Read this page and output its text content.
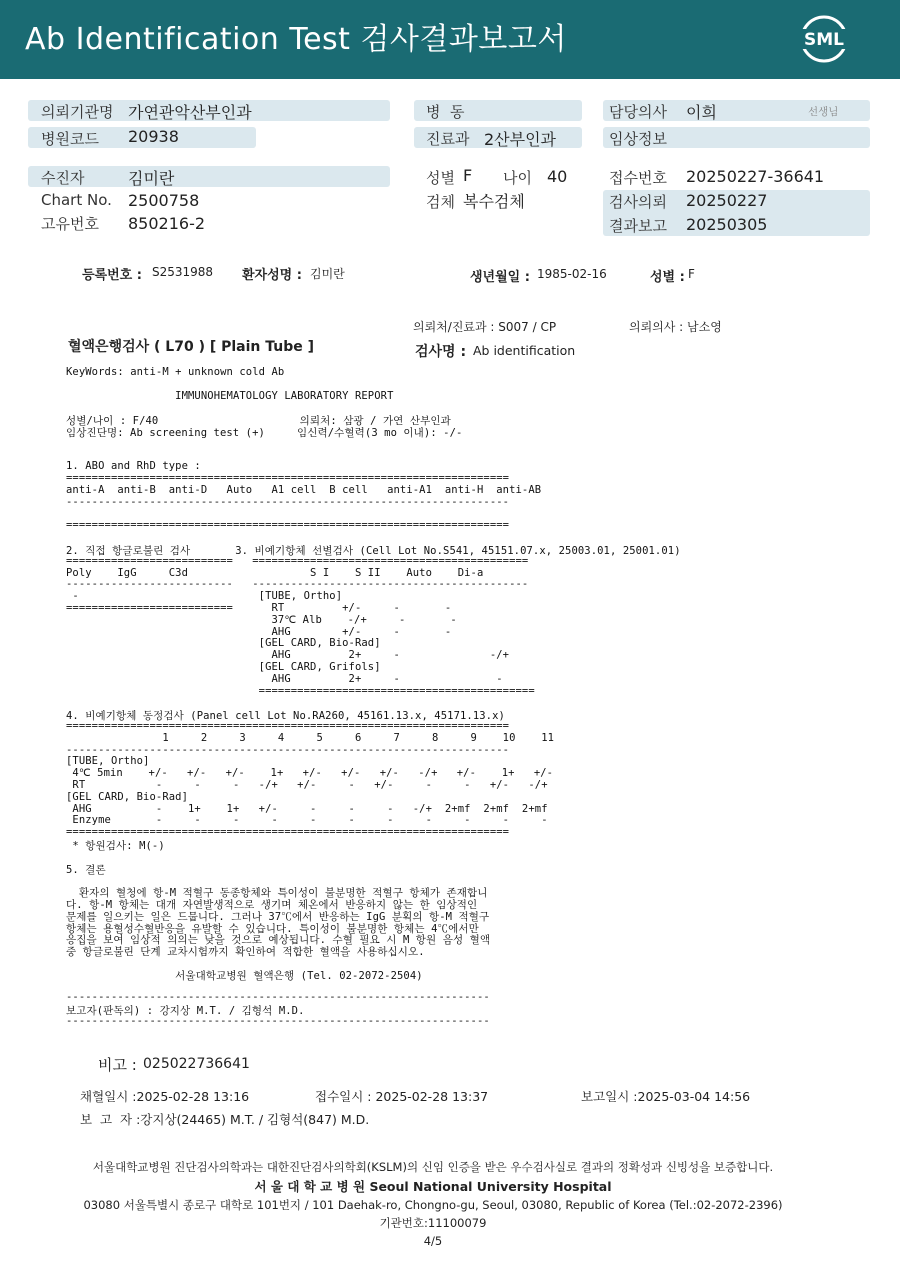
Ab Identification Test 검사결과보고서	SML
의뢰기관명 가연관악산부인과
병원코드 20938
병  동
진료과 2산부인과
담당의사 이희	선생님
임상정보
수진자	김미란
Chart No. 2500758
고유번호 850216-2
성별 F 나이 40
검체 복수검체
접수번호 20250227-36641
검사의뢰 20250227
결과보고 20250305
등록번호 : S2531988 환자성명 : 김미란	생년월일 : 1985-02-16	성별 : F
의뢰처/진료과 : S007 / CP	의뢰의사 : 남소영
혈액은행검사 ( L70 ) [ Plain Tube ]	검사명 : Ab identification
KeyWords: anti-M + unknown cold Ab
IMMUNOHEMATOLOGY LABORATORY REPORT
성별/나이 : F/40                      의뢰처: 삼광 / 가연 산부인과
임상진단명: Ab screening test (+)     임신력/수혈력(3 mo 이내): -/-
1. ABO and RhD type :
=====================================================================
anti-A  anti-B  anti-D   Auto   A1 cell  B cell   anti-A1  anti-H  anti-AB
---------------------------------------------------------------------
=====================================================================
2. 직접 항글로불린 검사       3. 비예기항체 선별검사 (Cell Lot No.S541, 45151.07.x, 25003.01, 25001.01)
==========================   ===========================================
Poly    IgG     C3d                   S I    S II    Auto    Di-a
--------------------------   -------------------------------------------
-                            [TUBE, Ortho]
==========================      RT         +/-     -       -
37℃ Alb    -/+     -       -
AHG        +/-     -       -
[GEL CARD, Bio-Rad]
AHG         2+     -              -/+
[GEL CARD, Grifols]
AHG         2+     -               -
===========================================
4. 비예기항체 동정검사 (Panel cell Lot No.RA260, 45161.13.x, 45171.13.x)
=====================================================================
1     2     3     4     5     6     7     8     9    10    11
---------------------------------------------------------------------
[TUBE, Ortho]
4℃ 5min    +/-   +/-   +/-    1+   +/-   +/-   +/-   -/+   +/-    1+   +/-
RT           -     -     -   -/+   +/-     -   +/-     -     -   +/-   -/+
[GEL CARD, Bio-Rad]
AHG          -    1+    1+   +/-     -     -     -   -/+  2+mf  2+mf  2+mf
Enzyme       -     -     -     -     -     -     -     -     -     -     -
=====================================================================
* 항원검사: M(-)
5. 결론
환자의 혈청에 항-M 적혈구 동종항체와 특이성이 불분명한 적혈구 항체가 존재합니
다. 항-M 항체는 대개 자연발생적으로 생기며 체온에서 반응하지 않는 한 임상적인
문제를 일으키는 일은 드뭅니다. 그러나 37℃에서 반응하는 IgG 분획의 항-M 적혈구
항체는 용혈성수혈반응을 유발할 수 있습니다. 특이성이 불분명한 항체는 4℃에서만
응집을 보여 임상적 의의는 낮을 것으로 예상됩니다. 수혈 필요 시 M 항원 음성 혈액
중 항글로불린 단계 교차시험까지 확인하여 적합한 혈액을 사용하십시오.
서울대학교병원 혈액은행 (Tel. 02-2072-2504)
------------------------------------------------------------------
보고자(판독의) : 강지상 M.T. / 김형석 M.D.
------------------------------------------------------------------
비고 : 025022736641
채혈일시 :2025-02-28 13:16	접수일시 : 2025-02-28 13:37	보고일시 :2025-03-04 14:56
보  고  자 :강지상(24465) M.T. / 김형석(847) M.D.
서울대학교병원 진단검사의학과는 대한진단검사의학회(KSLM)의 신임 인증을 받은 우수검사실로 결과의 정확성과 신빙성을 보증합니다.
서 울 대 학 교 병 원 Seoul National University Hospital
03080 서울특별시 종로구 대학로 101번지 / 101 Daehak-ro, Chongno-gu, Seoul, 03080, Republic of Korea (Tel.:02-2072-2396)
기관번호:11100079
4/5
